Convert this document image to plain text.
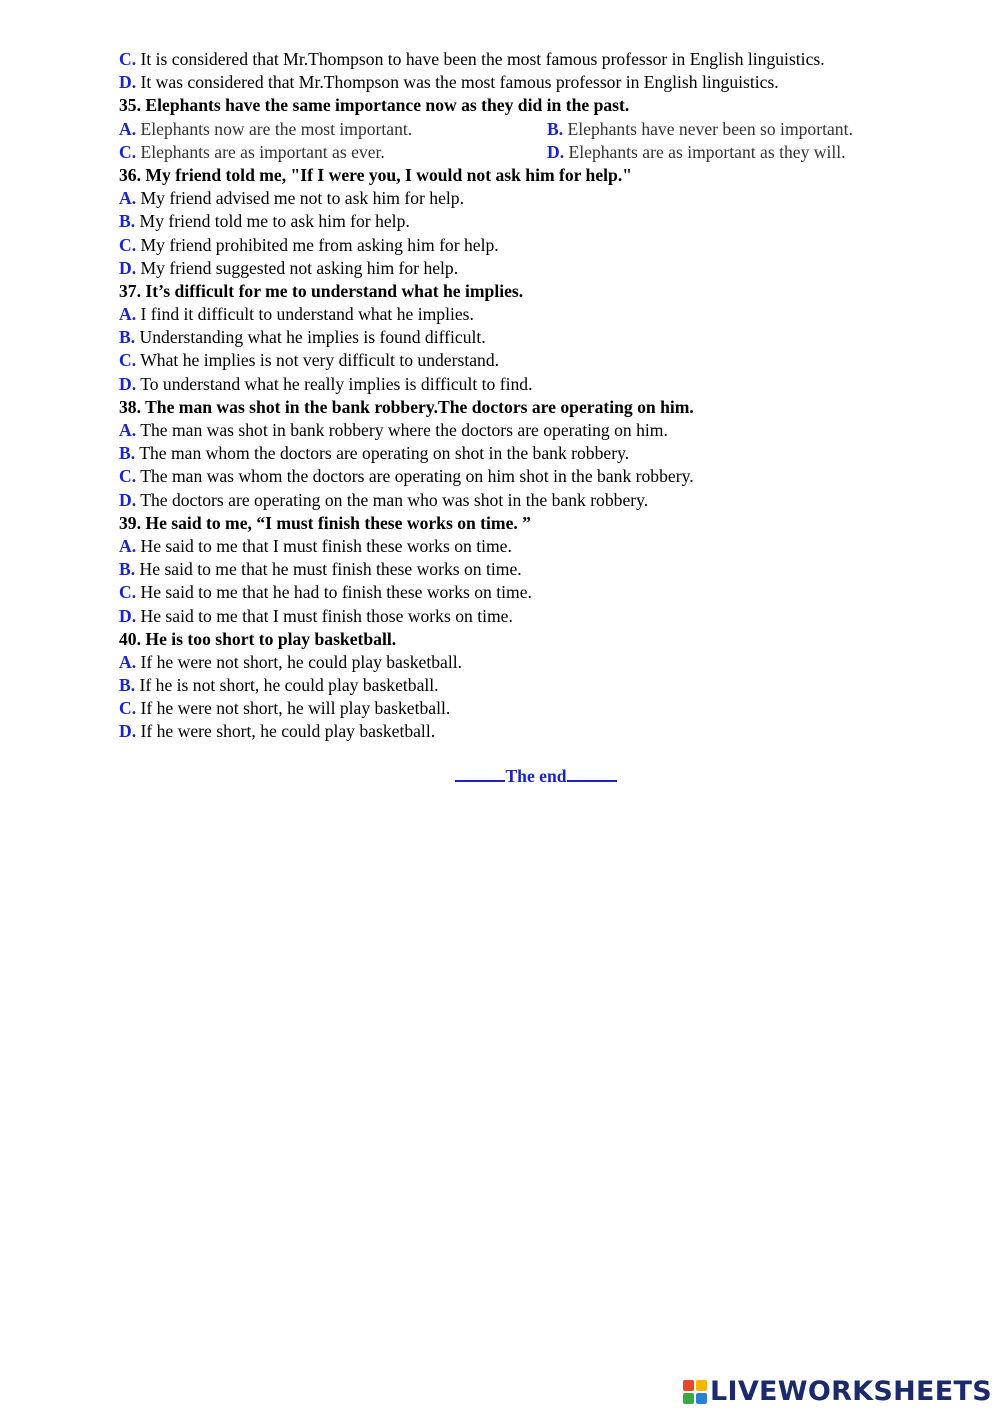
C. It is considered that Mr.Thompson to have been the most famous professor in English linguistics.
D. It was considered that Mr.Thompson was the most famous professor in English linguistics.
35. Elephants have the same importance now as they did in the past.
A. Elephants now are the most important.	B. Elephants have never been so important.
C. Elephants are as important as ever.	D. Elephants are as important as they will.
36. My friend told me, "If I were you, I would not ask him for help."
A. My friend advised me not to ask him for help.
B. My friend told me to ask him for help.
C. My friend prohibited me from asking him for help.
D. My friend suggested not asking him for help.
37. It’s difficult for me to understand what he implies.
A. I find it difficult to understand what he implies.
B. Understanding what he implies is found difficult.
C. What he implies is not very difficult to understand.
D. To understand what he really implies is difficult to find.
38. The man was shot in the bank robbery.The doctors are operating on him.
A. The man was shot in bank robbery where the doctors are operating on him.
B. The man whom the doctors are operating on shot in the bank robbery.
C. The man was whom the doctors are operating on him shot in the bank robbery.
D. The doctors are operating on the man who was shot in the bank robbery.
39. He said to me, “I must finish these works on time. ”
A. He said to me that I must finish these works on time.
B. He said to me that he must finish these works on time.
C. He said to me that he had to finish these works on time.
D. He said to me that I must finish those works on time.
40. He is too short to play basketball.
A. If he were not short, he could play basketball.
B. If he is not short, he could play basketball.
C. If he were not short, he will play basketball.
D. If he were short, he could play basketball.
The end
LIVEWORKSHEETS
